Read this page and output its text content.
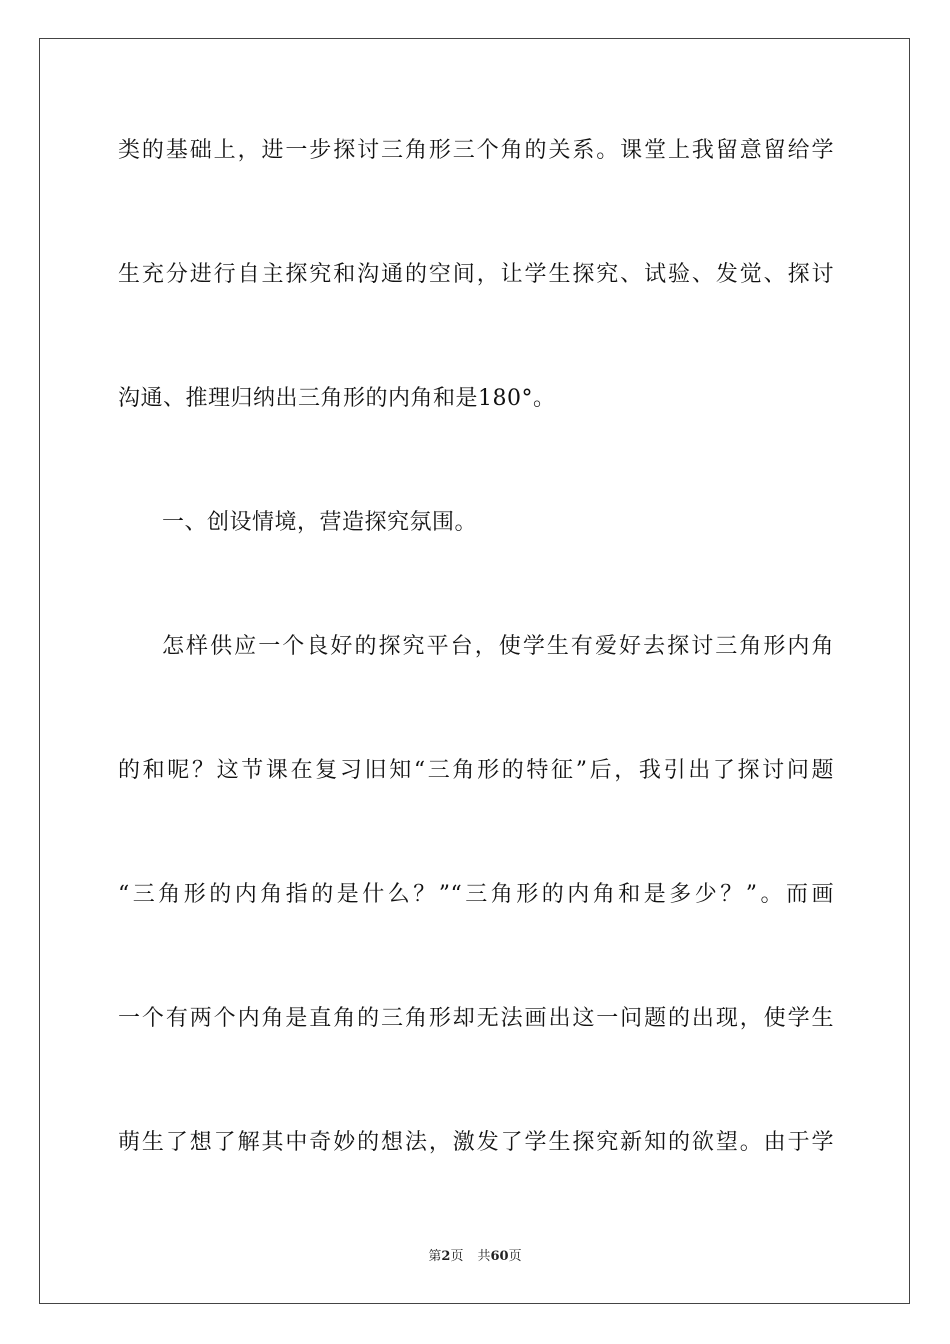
类的基础上，进一步探讨三角形三个角的关系。课堂上我留意留给学
生充分进行自主探究和沟通的空间，让学生探究、试验、发觉、探讨
沟通、推理归纳出三角形的内角和是180°。
一、创设情境，营造探究氛围。
怎样供应一个良好的探究平台，使学生有爱好去探讨三角形内角
的和呢？这节课在复习旧知“三角形的特征”后，我引出了探讨问题
“三角形的内角指的是什么？”“三角形的内角和是多少？”。而画
一个有两个内角是直角的三角形却无法画出这一问题的出现，使学生
萌生了想了解其中奇妙的想法，激发了学生探究新知的欲望。由于学
第2页 共60页
